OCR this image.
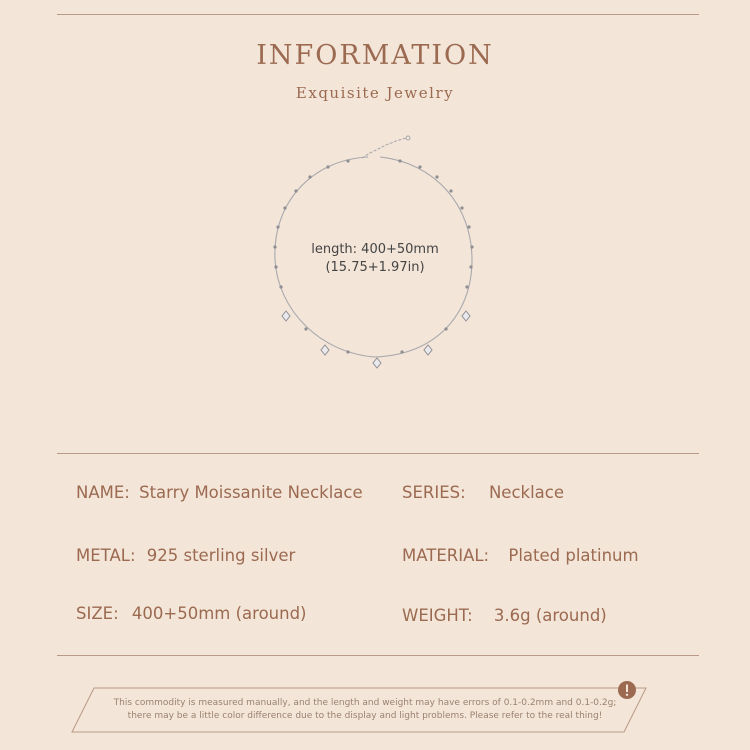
INFORMATION
Exquisite Jewelry
length: 400+50mm
(15.75+1.97in)
NAME: Starry Moissanite Necklace SERIES: Necklace
METAL: 925 sterling silver	MATERIAL: Plated platinum
SIZE: 400+50mm (around)	WEIGHT: 3.6g (around)
This commodity is measured manually, and the length and weight may have errors of 0.1-0.2mm and 0.1-0.2g;
there may be a little color difference due to the display and light problems. Please refer to the real thing!
